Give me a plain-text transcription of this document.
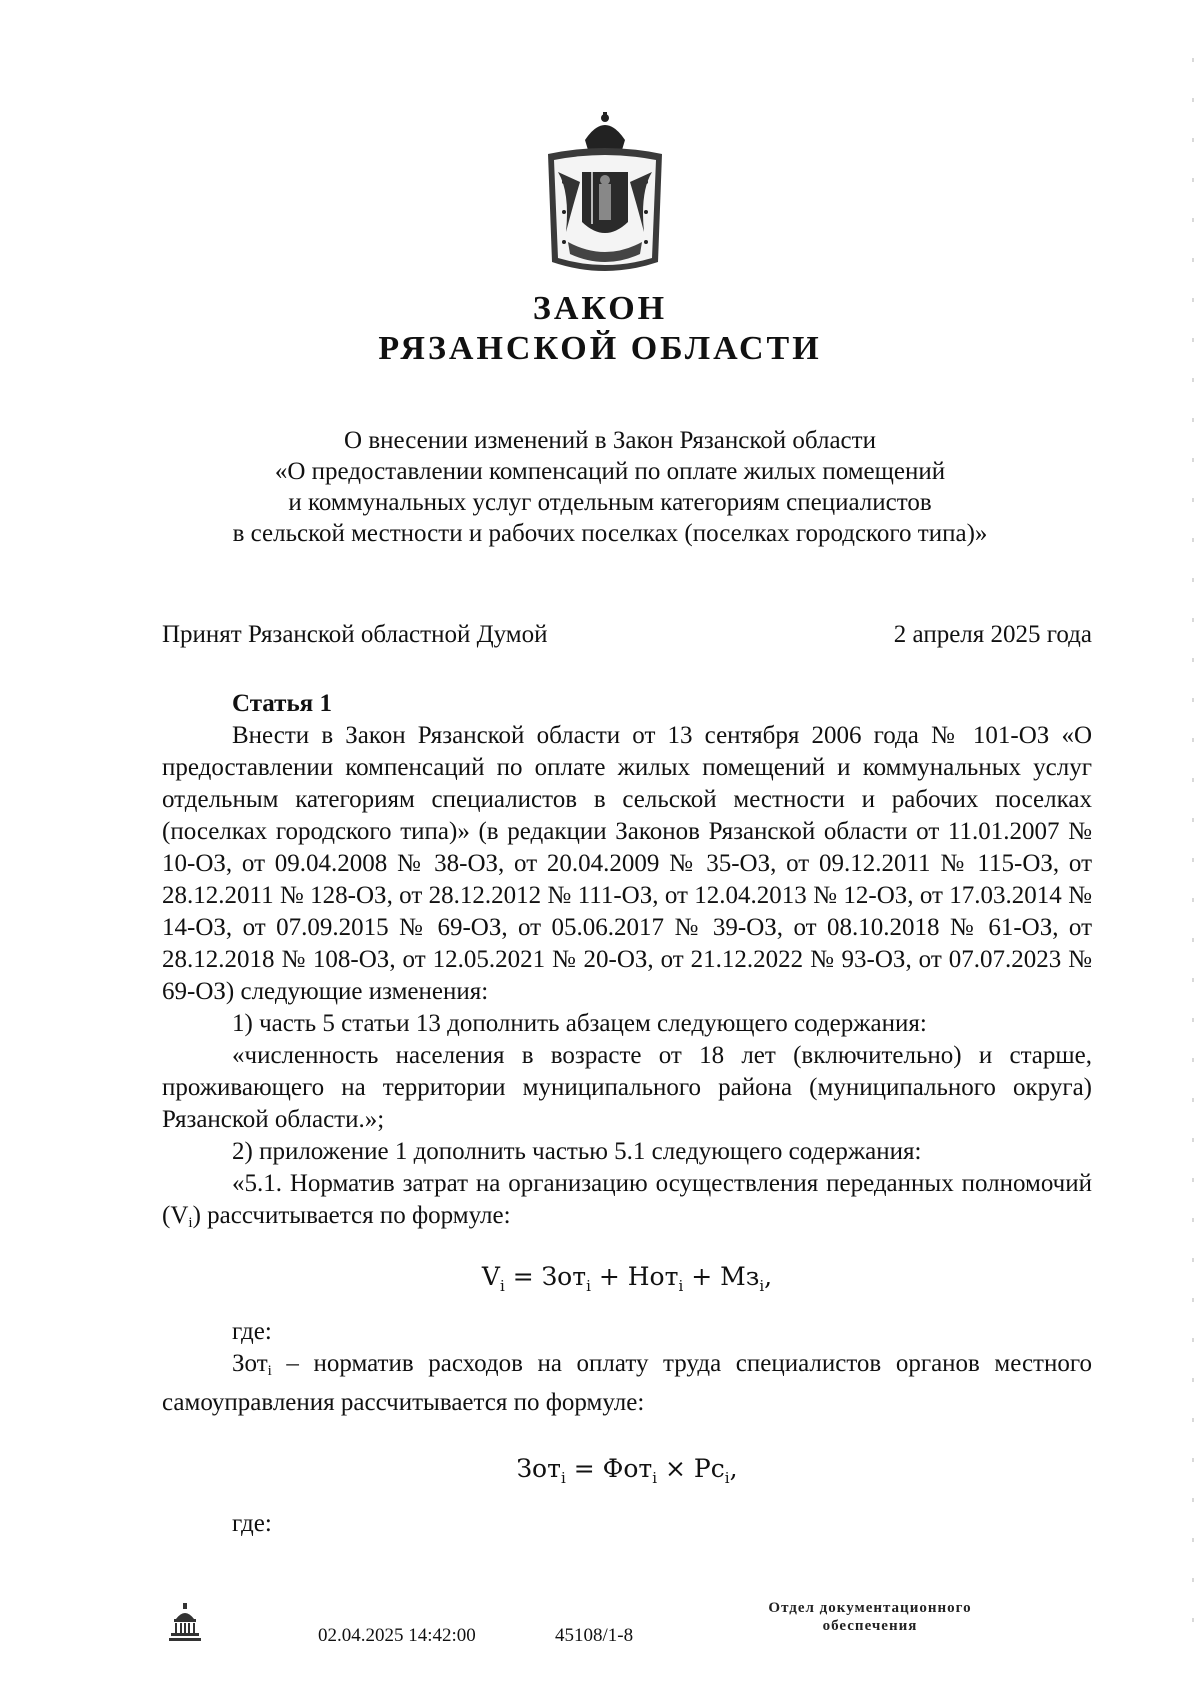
ЗАКОН
РЯЗАНСКОЙ ОБЛАСТИ
О внесении изменений в Закон Рязанской области
«О предоставлении компенсаций по оплате жилых помещений
и коммунальных услуг отдельным категориям специалистов
в сельской местности и рабочих поселках (поселках городского типа)»
Принят Рязанской областной Думой	2 апреля 2025 года
Статья 1
Внести в Закон Рязанской области от 13 сентября 2006 года № 101-ОЗ «О предоставлении компенсаций по оплате жилых помещений и коммунальных услуг отдельным категориям специалистов в сельской местности и рабочих поселках (поселках городского типа)» (в редакции Законов Рязанской области от 11.01.2007 № 10-ОЗ, от 09.04.2008 № 38-ОЗ, от 20.04.2009 № 35-ОЗ, от 09.12.2011 № 115-ОЗ, от 28.12.2011 № 128-ОЗ, от 28.12.2012 № 111-ОЗ, от 12.04.2013 № 12-ОЗ, от 17.03.2014 № 14-ОЗ, от 07.09.2015 № 69-ОЗ, от 05.06.2017 № 39-ОЗ, от 08.10.2018 № 61-ОЗ, от 28.12.2018 № 108-ОЗ, от 12.05.2021 № 20-ОЗ, от 21.12.2022 № 93-ОЗ, от 07.07.2023 № 69-ОЗ) следующие изменения:
1) часть 5 статьи 13 дополнить абзацем следующего содержания:
«численность населения в возрасте от 18 лет (включительно) и старше, проживающего на территории муниципального района (муниципального округа) Рязанской области.»;
2) приложение 1 дополнить частью 5.1 следующего содержания:
«5.1. Норматив затрат на организацию осуществления переданных полномочий $(V_i)$ рассчитывается по формуле:
$V_i = Зот_i + Нот_i + Мз_i$,
где:
Зот$_i$ – норматив расходов на оплату труда специалистов органов местного самоуправления рассчитывается по формуле:
$Зот_i = Фот_i \times Рс_i$,
где:
02.04.2025 14:42:00	45108/1-8
Отдел документационного
обеспечения
